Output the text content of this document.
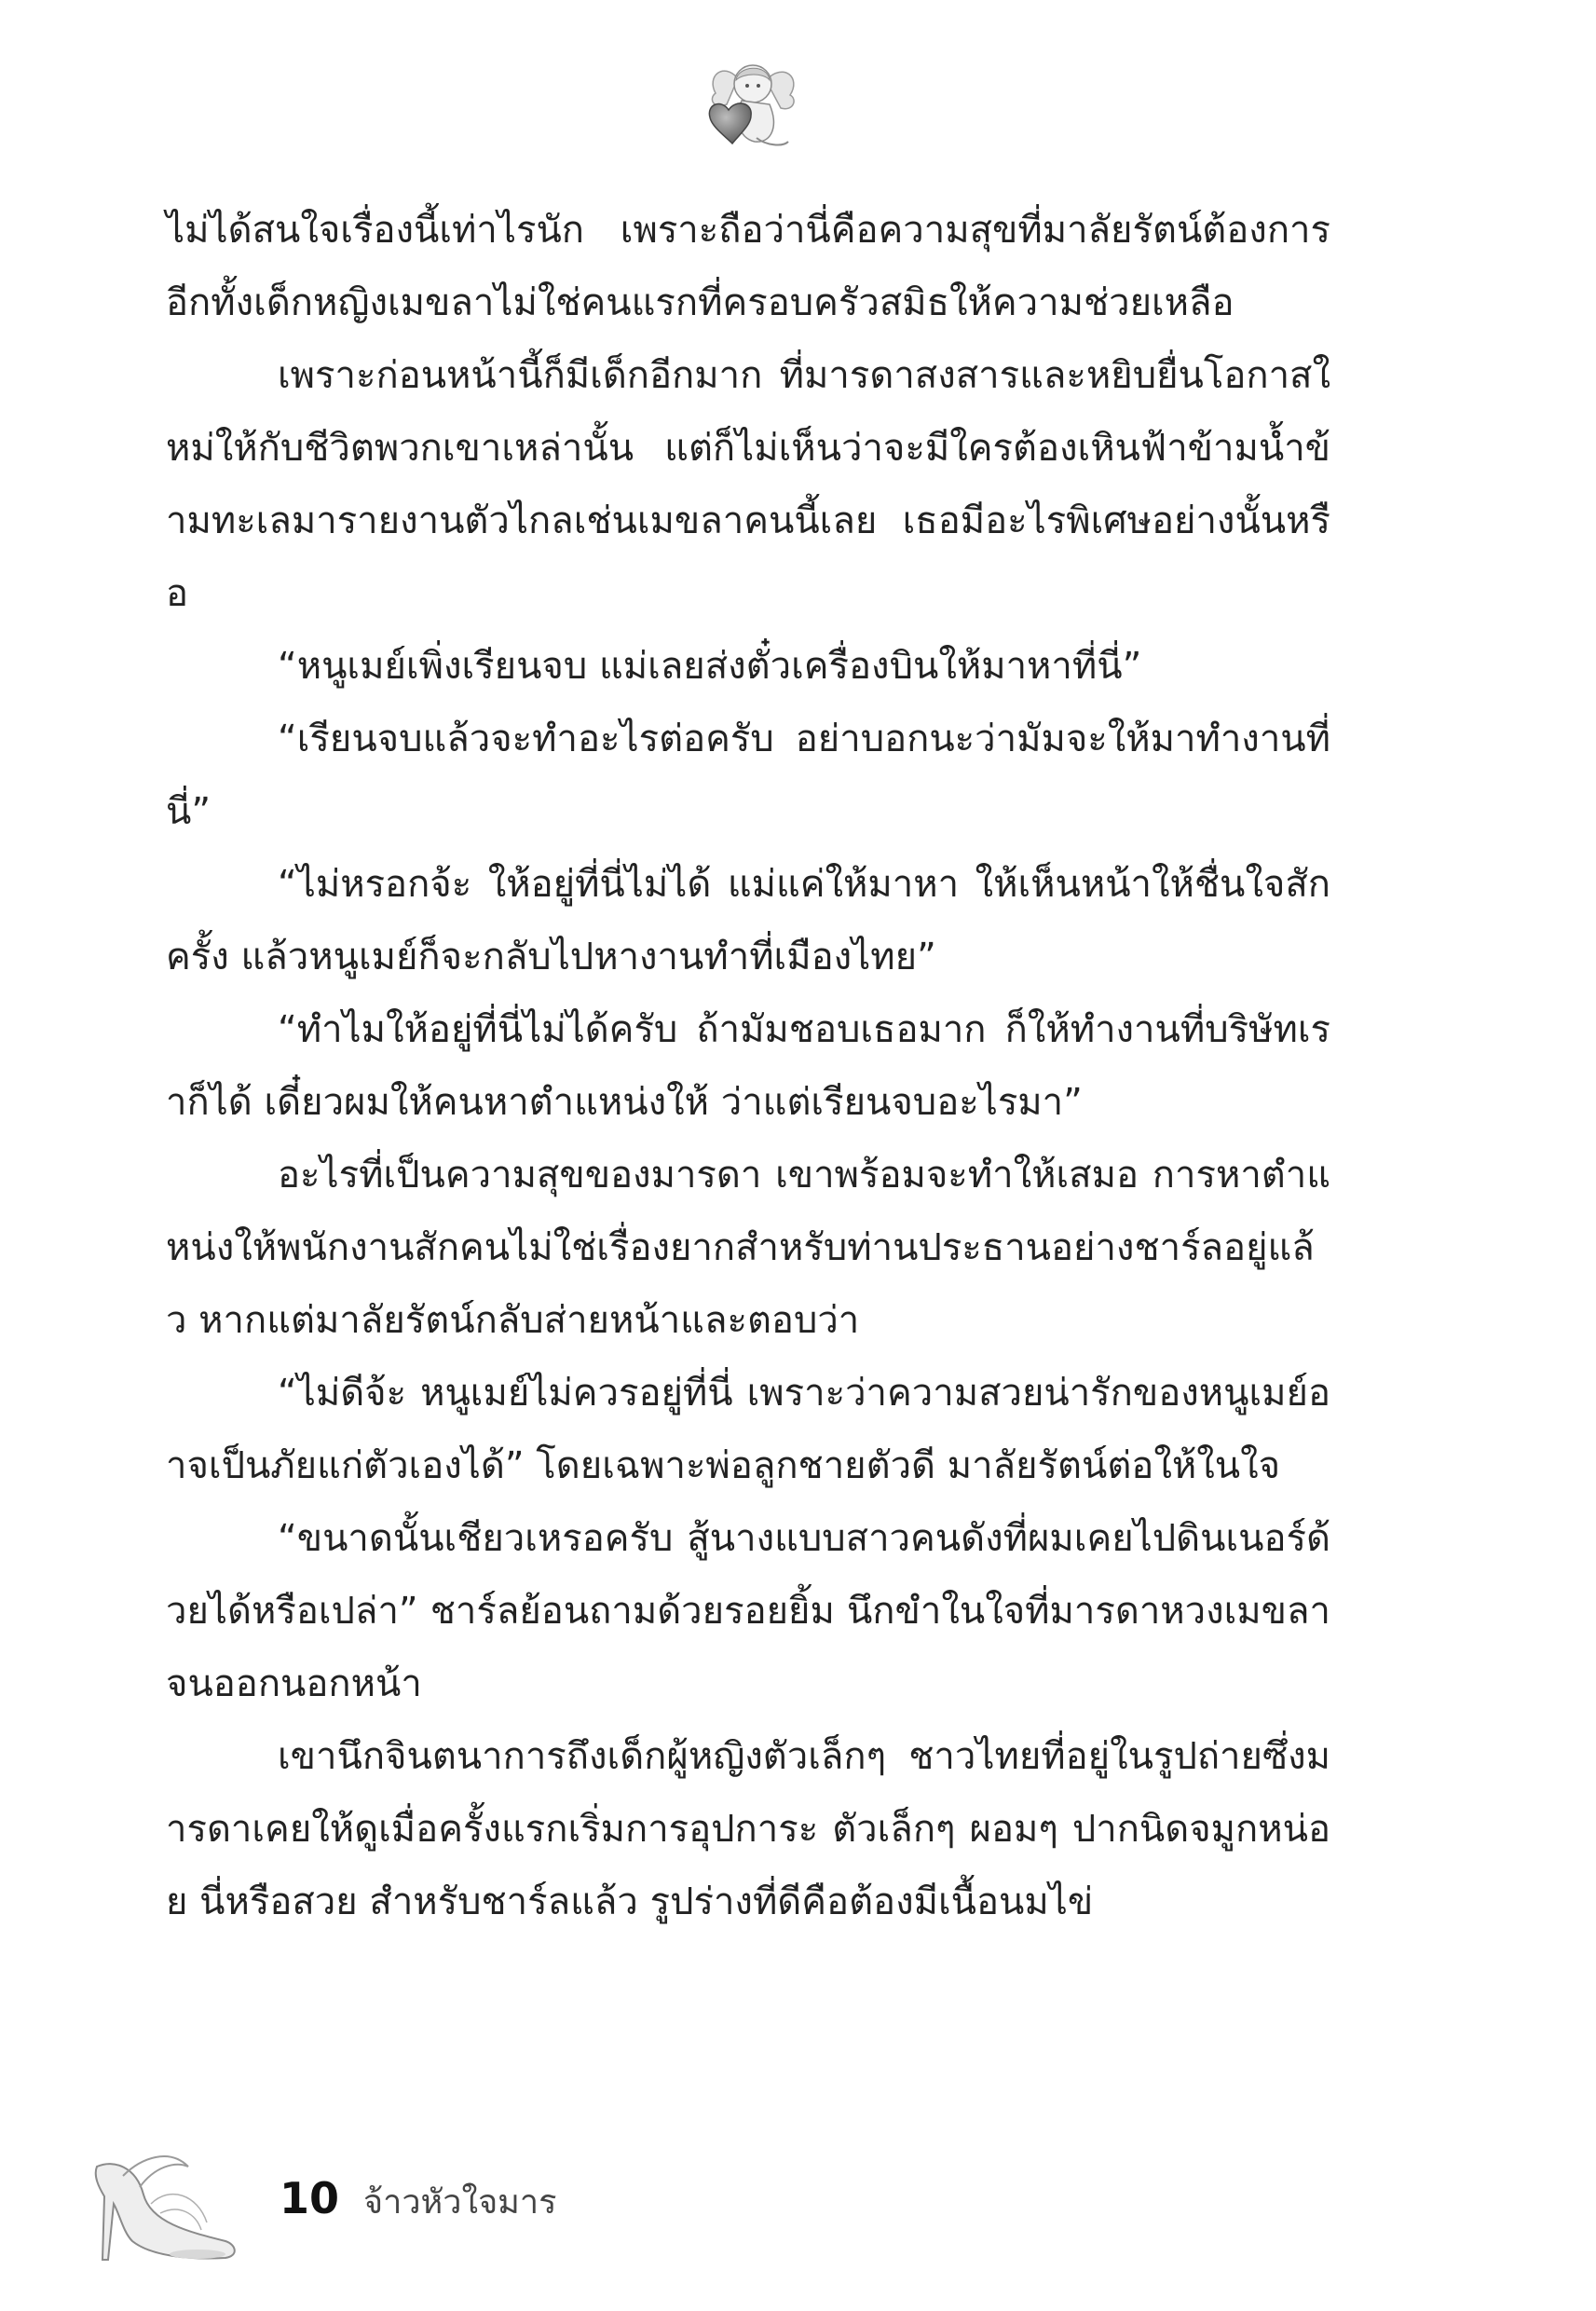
ไม่ได้สนใจเรื่องนี้เท่าไรนัก เพราะถือว่านี่คือความสุขที่มาลัยรัตน์ต้องการ อีกทั้งเด็กหญิงเมขลาไม่ใช่คนแรกที่ครอบครัวสมิธให้ความช่วยเหลือ

เพราะก่อนหน้านี้ก็มีเด็กอีกมาก ที่มารดาสงสารและหยิบยื่นโอกาสใหม่ให้กับชีวิตพวกเขาเหล่านั้น แต่ก็ไม่เห็นว่าจะมีใครต้องเหินฟ้าข้ามน้ำข้ามทะเลมารายงานตัวไกลเช่นเมขลาคนนี้เลย เธอมีอะไรพิเศษอย่างนั้นหรือ

“หนูเมย์เพิ่งเรียนจบ แม่เลยส่งตั๋วเครื่องบินให้มาหาที่นี่”

“เรียนจบแล้วจะทำอะไรต่อครับ อย่าบอกนะว่ามัมจะให้มาทำงานที่นี่”

“ไม่หรอกจ้ะ ให้อยู่ที่นี่ไม่ได้ แม่แค่ให้มาหา ให้เห็นหน้าให้ชื่นใจสักครั้ง แล้วหนูเมย์ก็จะกลับไปหางานทำที่เมืองไทย”

“ทำไมให้อยู่ที่นี่ไม่ได้ครับ ถ้ามัมชอบเธอมาก ก็ให้ทำงานที่บริษัทเราก็ได้ เดี๋ยวผมให้คนหาตำแหน่งให้ ว่าแต่เรียนจบอะไรมา”

อะไรที่เป็นความสุขของมารดา เขาพร้อมจะทำให้เสมอ การหาตำแหน่งให้พนักงานสักคนไม่ใช่เรื่องยากสำหรับท่านประธานอย่างชาร์ลอยู่แล้ว หากแต่มาลัยรัตน์กลับส่ายหน้าและตอบว่า

“ไม่ดีจ้ะ หนูเมย์ไม่ควรอยู่ที่นี่ เพราะว่าความสวยน่ารักของหนูเมย์อาจเป็นภัยแก่ตัวเองได้” โดยเฉพาะพ่อลูกชายตัวดี มาลัยรัตน์ต่อให้ในใจ

“ขนาดนั้นเชียวเหรอครับ สู้นางแบบสาวคนดังที่ผมเคยไปดินเนอร์ด้วยได้หรือเปล่า” ชาร์ลย้อนถามด้วยรอยยิ้ม นึกขำในใจที่มารดาหวงเมขลาจนออกนอกหน้า

เขานึกจินตนาการถึงเด็กผู้หญิงตัวเล็กๆ ชาวไทยที่อยู่ในรูปถ่ายซึ่งมารดาเคยให้ดูเมื่อครั้งแรกเริ่มการอุปการะ ตัวเล็กๆ ผอมๆ ปากนิดจมูกหน่อย นี่หรือสวย สำหรับชาร์ลแล้ว รูปร่างที่ดีคือต้องมีเนื้อนมไข่

10 จ้าวหัวใจมาร
